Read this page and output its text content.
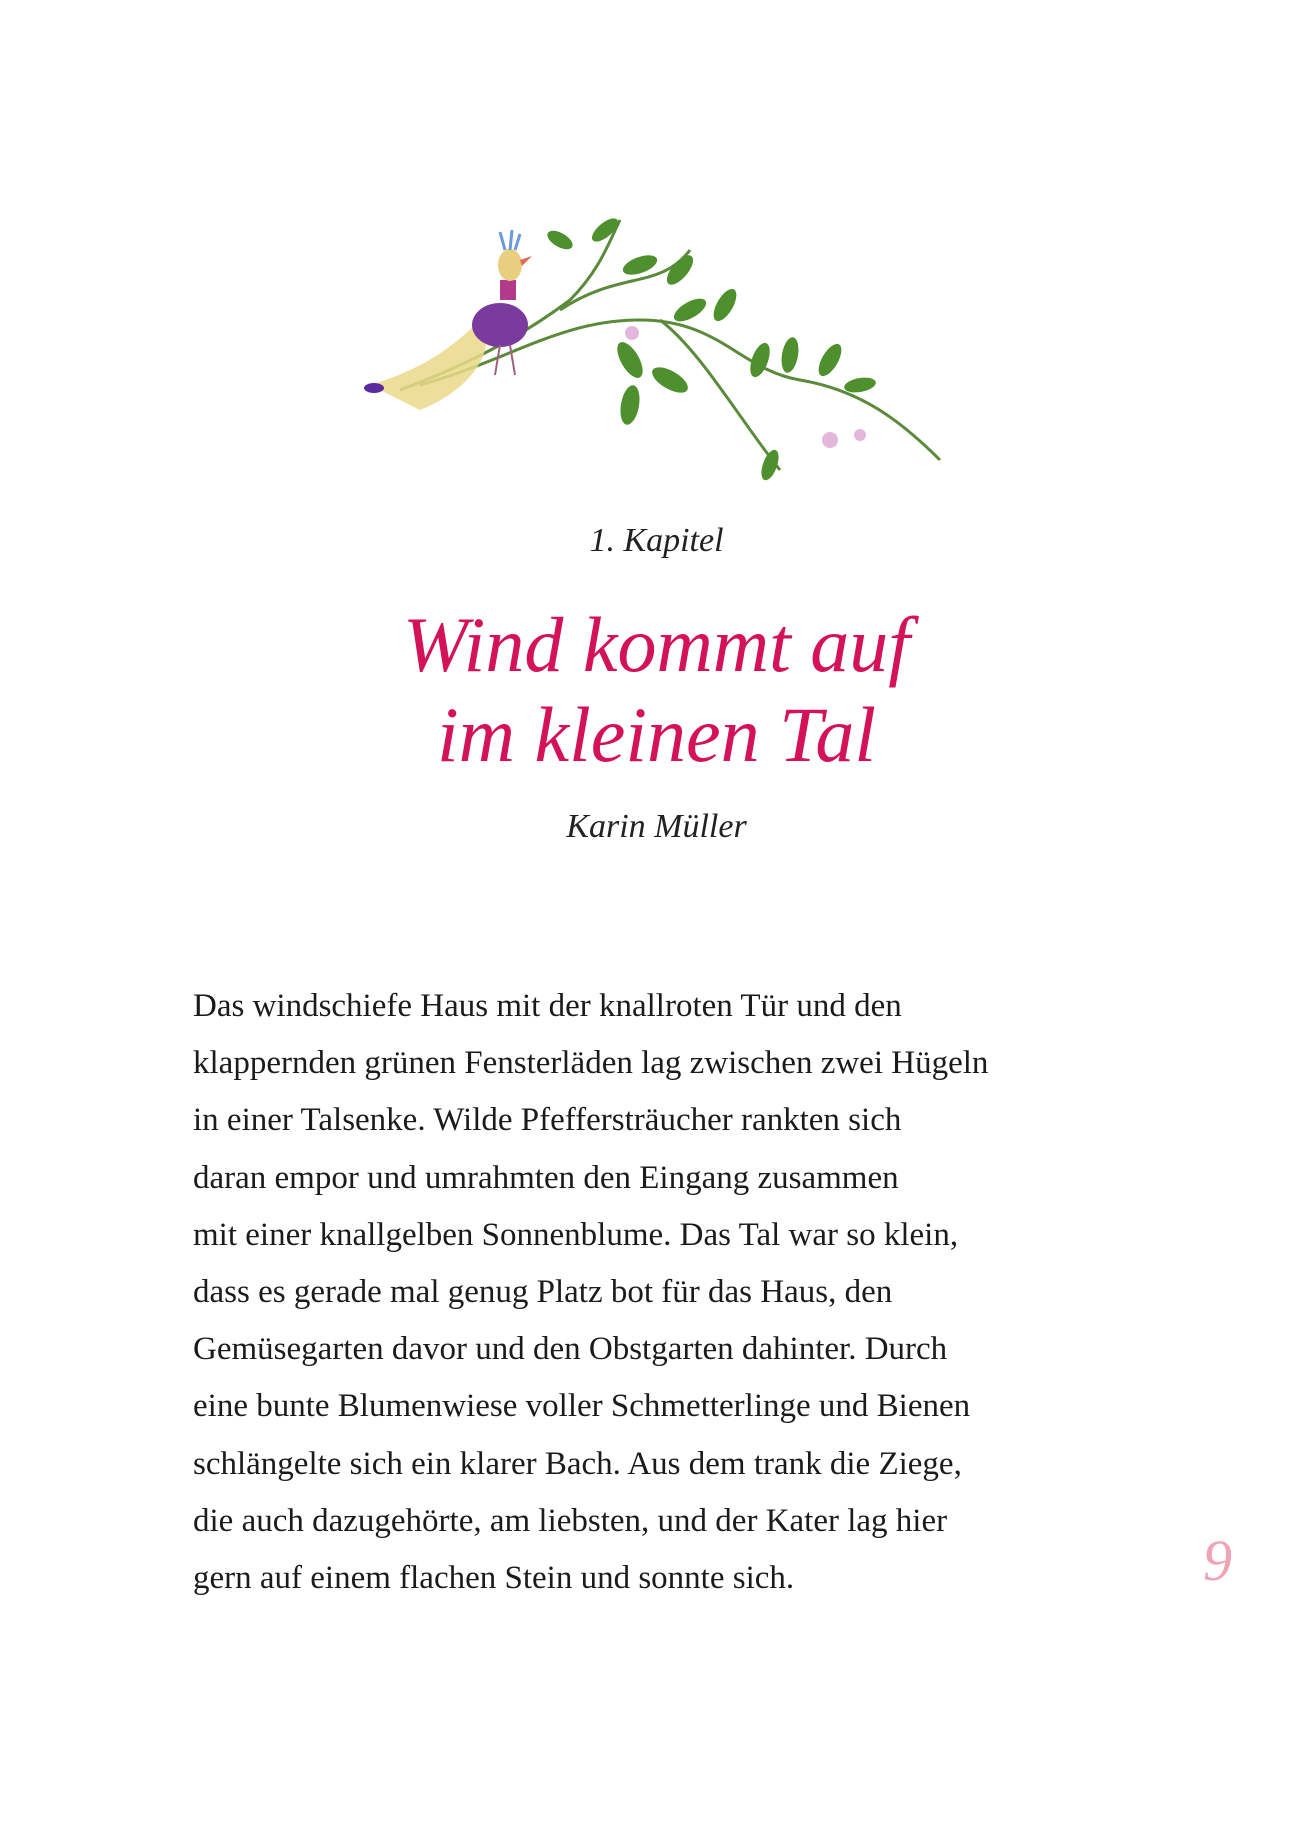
1. Kapitel
Wind kommt auf
im kleinen Tal
Karin Müller
Das windschiefe Haus mit der knallroten Tür und den
klappernden grünen Fensterläden lag zwischen zwei Hügeln
in einer Talsenke. Wilde Pfeffersträucher rankten sich
daran empor und umrahmten den Eingang zusammen
mit einer knallgelben Sonnenblume. Das Tal war so klein,
dass es gerade mal genug Platz bot für das Haus, den
Gemüsegarten davor und den Obstgarten dahinter. Durch
eine bunte Blumenwiese voller Schmetterlinge und Bienen
schlängelte sich ein klarer Bach. Aus dem trank die Ziege,
die auch dazugehörte, am liebsten, und der Kater lag hier
gern auf einem flachen Stein und sonnte sich.	9
